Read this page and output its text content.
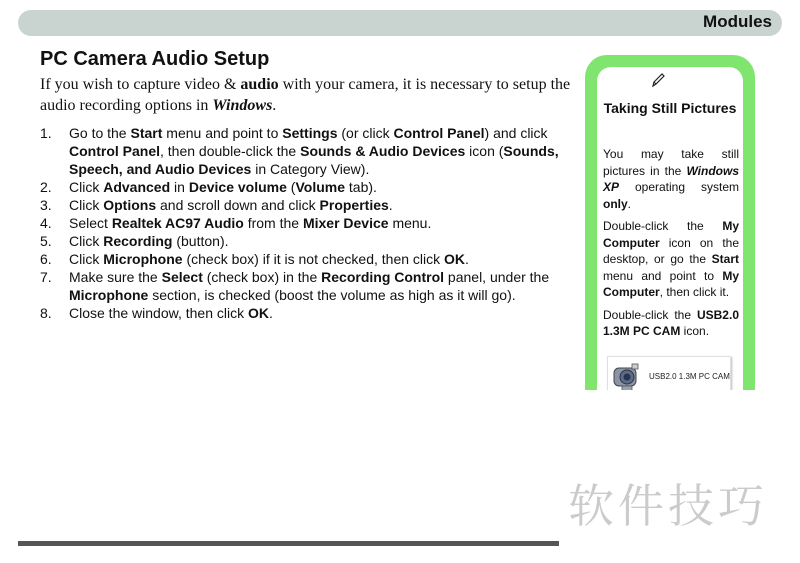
Modules
PC Camera Audio Setup
If you wish to capture video & audio with your camera, it is necessary to setup the audio recording options in Windows.
1.	Go to the Start menu and point to Settings (or click Control Panel) and click Control Panel, then double-click the Sounds & Audio Devices icon (Sounds, Speech, and Audio Devices in Category View).
2.	Click Advanced in Device volume (Volume tab).
3.	Click Options and scroll down and click Properties.
4.	Select Realtek AC97 Audio from the Mixer Device menu.
5.	Click Recording (button).
6.	Click Microphone (check box) if it is not checked, then click OK.
7.	Make sure the Select (check box) in the Recording Control panel, under the Microphone section, is checked (boost the volume as high as it will go).
8.	Close the window, then click OK.
Taking Still Pictures

You may take still pictures in the Windows XP operating system only.

Double-click the My Computer icon on the desktop, or go the Start menu and point to My Computer, then click it.

Double-click the USB2.0 1.3M PC CAM icon.

USB2.0 1.3M PC CAM

软件技巧
